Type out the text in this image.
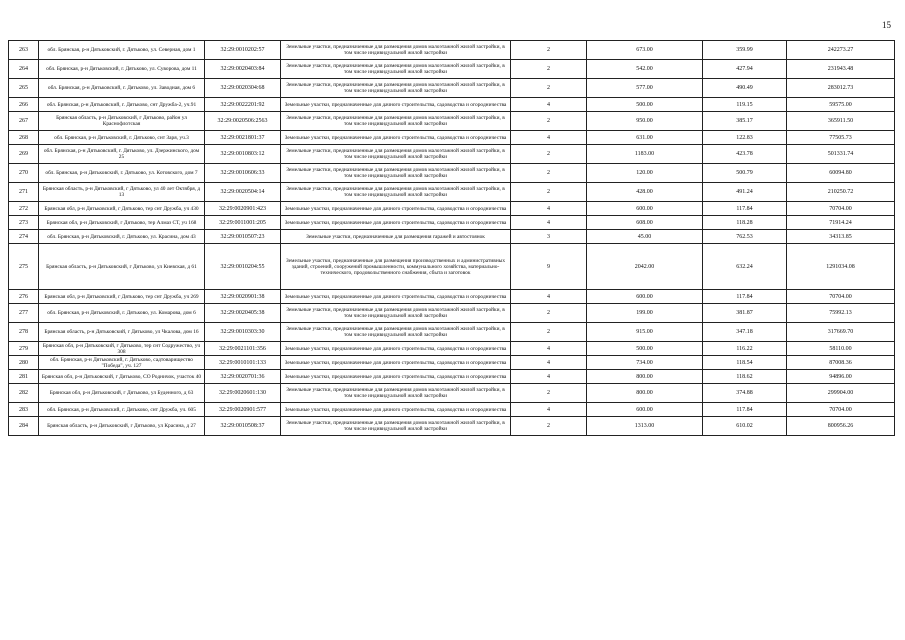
15
263	обл. Брянская, р-н Дятьковский, г. Дятьково, ул. Северная, дом 1	32:29:0010202:57	Земельные участки, предназначенные для размещения домов малоэтажной жилой застройки, в том числе индивидуальной жилой застройки	2	673.00	359.99	242273.27
264	обл. Брянская, р-н Дятьковский, г. Дятьково, ул. Суворова, дом 11	32:29:0020403:84	Земельные участки, предназначенные для размещения домов малоэтажной жилой застройки, в том числе индивидуальной жилой застройки	2	542.00	427.94	231943.48
265	обл. Брянская, р-н Дятьковский, г. Дятьково, ул. Заводная, дом 6	32:29:0020304:68	Земельные участки, предназначенные для размещения домов малоэтажной жилой застройки, в том числе индивидуальной жилой застройки	2	577.00	490.49	283012.73
266	обл. Брянская, р-н Дятьковский, г. Дятьково, снт Дружба-2, уч.91	32:29:0022201:92	Земельные участки, предназначенные для дачного строительства, садоводства и огородничества	4	500.00	119.15	59575.00
267	Брянская область, р-н Дятьковский, г Дятьково, район ул Краснофлотская	32:29:0020506:2563	Земельные участки, предназначенные для размещения домов малоэтажной жилой застройки, в том числе индивидуальной жилой застройки	2	950.00	385.17	365911.50
268	обл. Брянская, р-н Дятьковский, г. Дятьково, снт Заря, уч.3	32:29:0021801:37	Земельные участки, предназначенные для дачного строительства, садоводства и огородничества	4	631.00	122.83	77505.73
269	обл. Брянская, р-н Дятьковский, г. Дятьково, ул. Дзержинского, дом 25	32:29:0010803:12	Земельные участки, предназначенные для размещения домов малоэтажной жилой застройки, в том числе индивидуальной жилой застройки	2	1183.00	423.78	501331.74
270	обл. Брянская, р-н Дятьковский, г. Дятьково, ул. Котовского, дом 7	32:29:0010606:33	Земельные участки, предназначенные для размещения домов малоэтажной жилой застройки, в том числе индивидуальной жилой застройки	2	120.00	500.79	60094.80
271	Брянская область, р-н Дятьковский, г Дятьково, ул 40 лет Октября, д 13	32:29:0020504:14	Земельные участки, предназначенные для размещения домов малоэтажной жилой застройки, в том числе индивидуальной жилой застройки	2	428.00	491.24	210250.72
272	Брянская обл, р-н Дятьковский, г Дятьково, тер снт Дружба, уч 430	32:29:0020901:423	Земельные участки, предназначенные для дачного строительства, садоводства и огородничества	4	600.00	117.84	70704.00
273	Брянская обл, р-н Дятьковский, г Дятьково, тер Алмаз СТ, уч 168	32:29:0011001:205	Земельные участки, предназначенные для дачного строительства, садоводства и огородничества	4	608.00	118.28	71914.24
274	обл. Брянская, р-н Дятьковский, г. Дятьково, ул. Красина, дом 43	32:29:0010507:23	Земельные участки, предназначенные для размещения гаражей и автостоянок	3	45.00	762.53	34313.85
275	Брянская область, р-н Дятьковский, г Дятьково, ул Киевская, д 61	32:29:0010204:55	Земельные участки, предназначенные для размещения производственных и административных зданий, строений, сооружений промышленности, коммунального хозяйства, материально-технического, продовольственного снабжения, сбыта и заготовок	9	2042.00	632.24	1291034.08
276	Брянская обл, р-н Дятьковский, г Дятьково, тер снт Дружба, уч 269	32:29:0020901:38	Земельные участки, предназначенные для дачного строительства, садоводства и огородничества	4	600.00	117.84	70704.00
277	обл. Брянская, р-н Дятьковский, г. Дятьково, ул. Комарова, дом 6	32:29:0020405:38	Земельные участки, предназначенные для размещения домов малоэтажной жилой застройки, в том числе индивидуальной жилой застройки	2	199.00	381.87	75992.13
278	Брянская область, р-н Дятьковский, г Дятьково, ул Чкалова, дом 16	32:29:0010303:30	Земельные участки, предназначенные для размещения домов малоэтажной жилой застройки, в том числе индивидуальной жилой застройки	2	915.00	347.18	317669.70
279	Брянская обл, р-н Дятьковский, г Дятьково, тер снт Содружество, уч 308	32:29:0021101:356	Земельные участки, предназначенные для дачного строительства, садоводства и огородничества	4	500.00	116.22	58110.00
280	обл. Брянская, р-н Дятьковский, г. Дятьково, садтоварищество "Победа", уч. 127	32:29:0010101:133	Земельные участки, предназначенные для дачного строительства, садоводства и огородничества	4	734.00	118.54	87008.36
281	Брянская обл, р-н Дятьковский, г Дятьково, СО Родничок, участок 40	32:29:0020701:36	Земельные участки, предназначенные для дачного строительства, садоводства и огородничества	4	800.00	118.62	94896.00
282	Брянская обл, р-н Дятьковский, г Дятьково, ул Буденного, д 63	32:29:0020601:130	Земельные участки, предназначенные для размещения домов малоэтажной жилой застройки, в том числе индивидуальной жилой застройки	2	800.00	374.88	299904.00
283	обл. Брянская, р-н Дятьковский, г. Дятьково, снт Дружба, уч. 605	32:29:0020901:577	Земельные участки, предназначенные для дачного строительства, садоводства и огородничества	4	600.00	117.84	70704.00
284	Брянская область, р-н Дятьковский, г Дятьково, ул Красина, д 27	32:29:0010508:37	Земельные участки, предназначенные для размещения домов малоэтажной жилой застройки, в том числе индивидуальной жилой застройки	2	1313.00	610.02	800956.26
